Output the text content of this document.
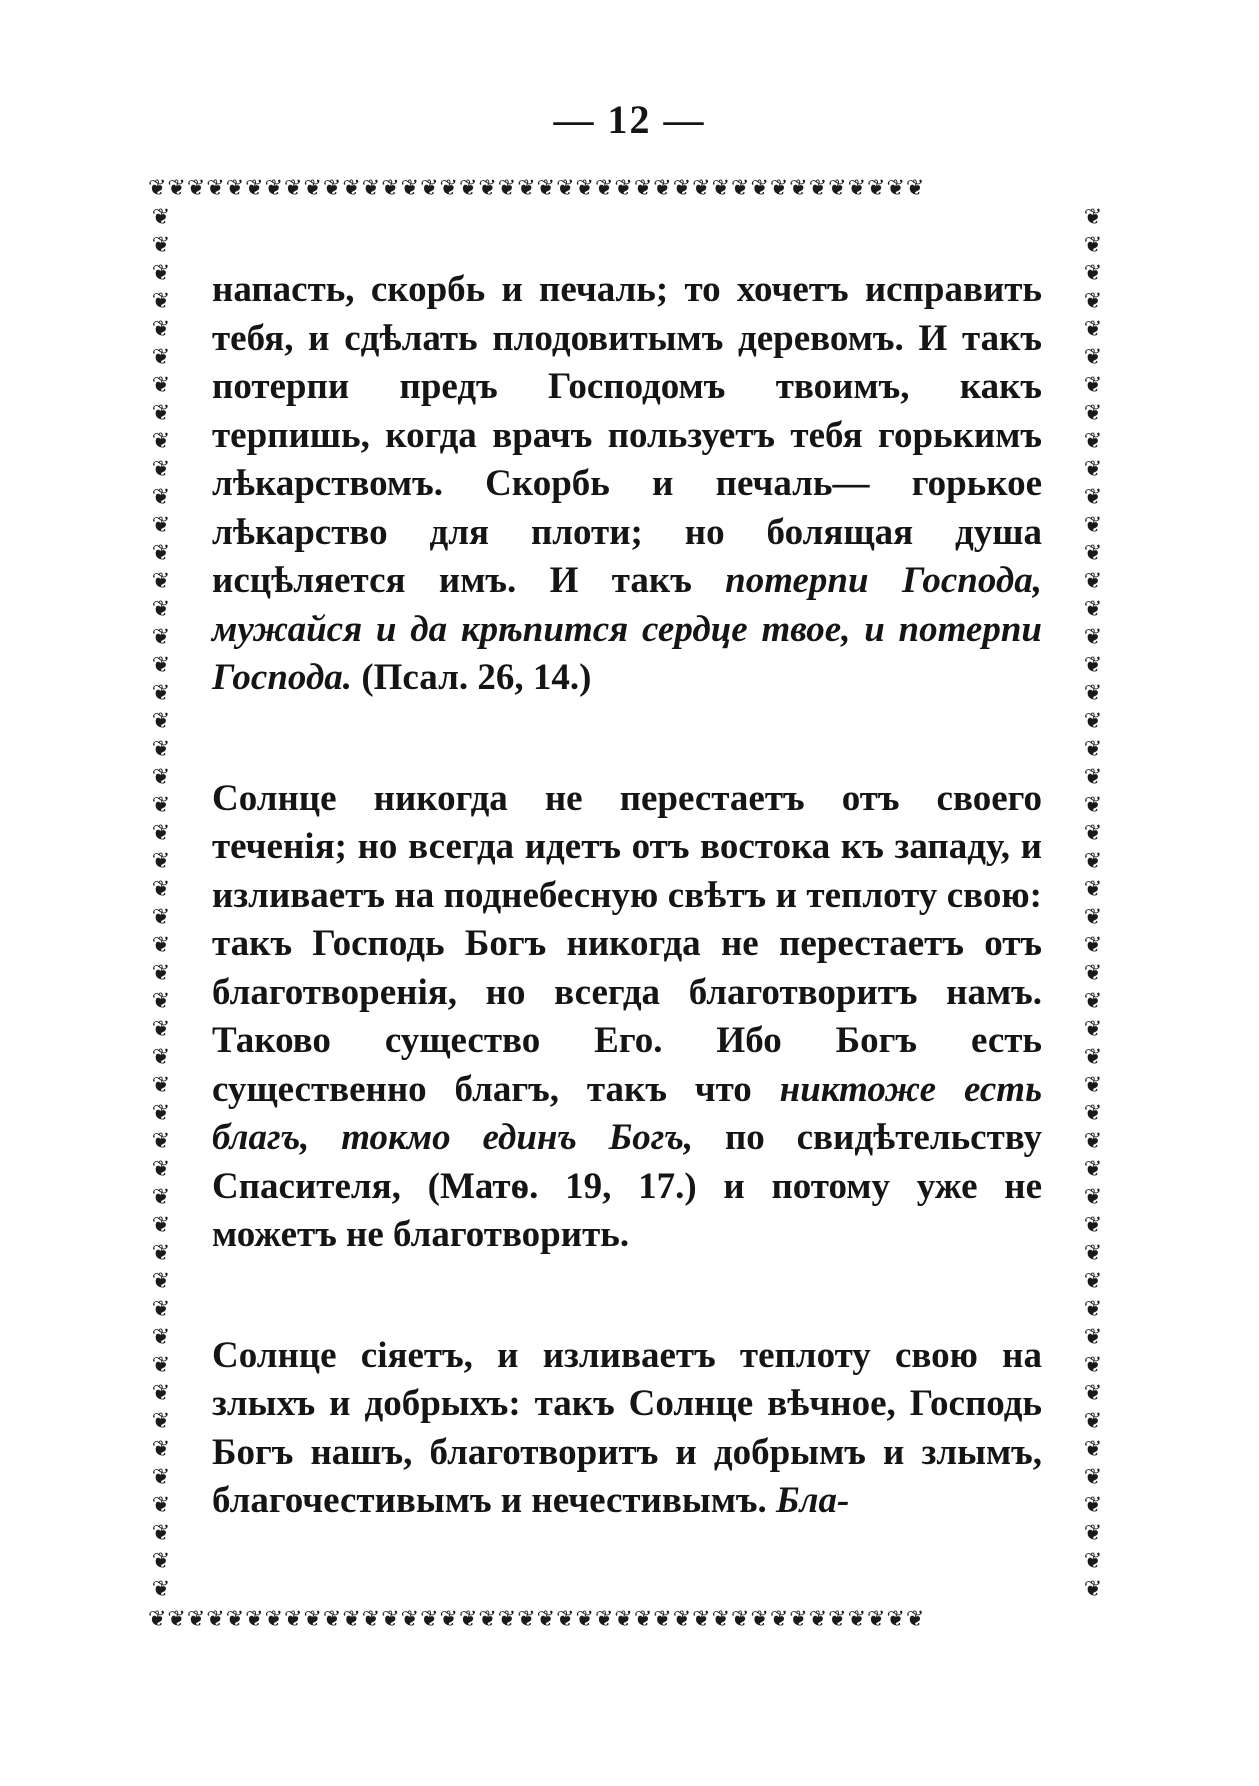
— 12 —
❦❦❦❦❦❦❦❦❦❦❦❦❦❦❦❦❦❦❦❦❦❦❦❦❦❦❦❦❦❦❦❦❦❦❦❦❦❦❦❦
❦❦❦❦❦❦❦❦❦❦❦❦❦❦❦❦❦❦❦❦❦❦❦❦❦❦❦❦❦❦❦❦❦❦❦❦❦❦❦❦❦❦❦❦❦❦❦❦❦❦
❦❦❦❦❦❦❦❦❦❦❦❦❦❦❦❦❦❦❦❦❦❦❦❦❦❦❦❦❦❦❦❦❦❦❦❦❦❦❦❦❦❦❦❦❦❦❦❦❦❦
❦❦❦❦❦❦❦❦❦❦❦❦❦❦❦❦❦❦❦❦❦❦❦❦❦❦❦❦❦❦❦❦❦❦❦❦❦❦❦❦

напасть, скорбь и печаль; то хочетъ исправить тебя, и сдѣлать плодовитымъ деревомъ. И такъ потерпи предъ Господомъ твоимъ, какъ терпишь, когда врачъ пользуетъ тебя горькимъ лѣкарствомъ. Скорбь и печаль— горькое лѣкарство для плоти; но болящая душа исцѣляется имъ. И такъ потерпи Господа, мужайся и да крѣпится сердце твое, и потерпи Господа. (Псал. 26, 14.)

Солнце никогда не перестаетъ отъ своего теченія; но всегда идетъ отъ востока къ западу, и изливаетъ на поднебесную свѣтъ и теплоту свою: такъ Господь Богъ никогда не перестаетъ отъ благотворенія, но всегда благотворитъ намъ. Таково существо Его. Ибо Богъ есть существенно благъ, такъ что никтоже есть благъ, токмо единъ Богъ, по свидѣтельству Спасителя, (Матѳ. 19, 17.) и потому уже не можетъ не благотворить.

Солнце сіяетъ, и изливаетъ теплоту свою на злыхъ и добрыхъ: такъ Солнце вѣчное, Господь Богъ нашъ, благотворитъ и добрымъ и злымъ, благочестивымъ и нечестивымъ. Бла-
